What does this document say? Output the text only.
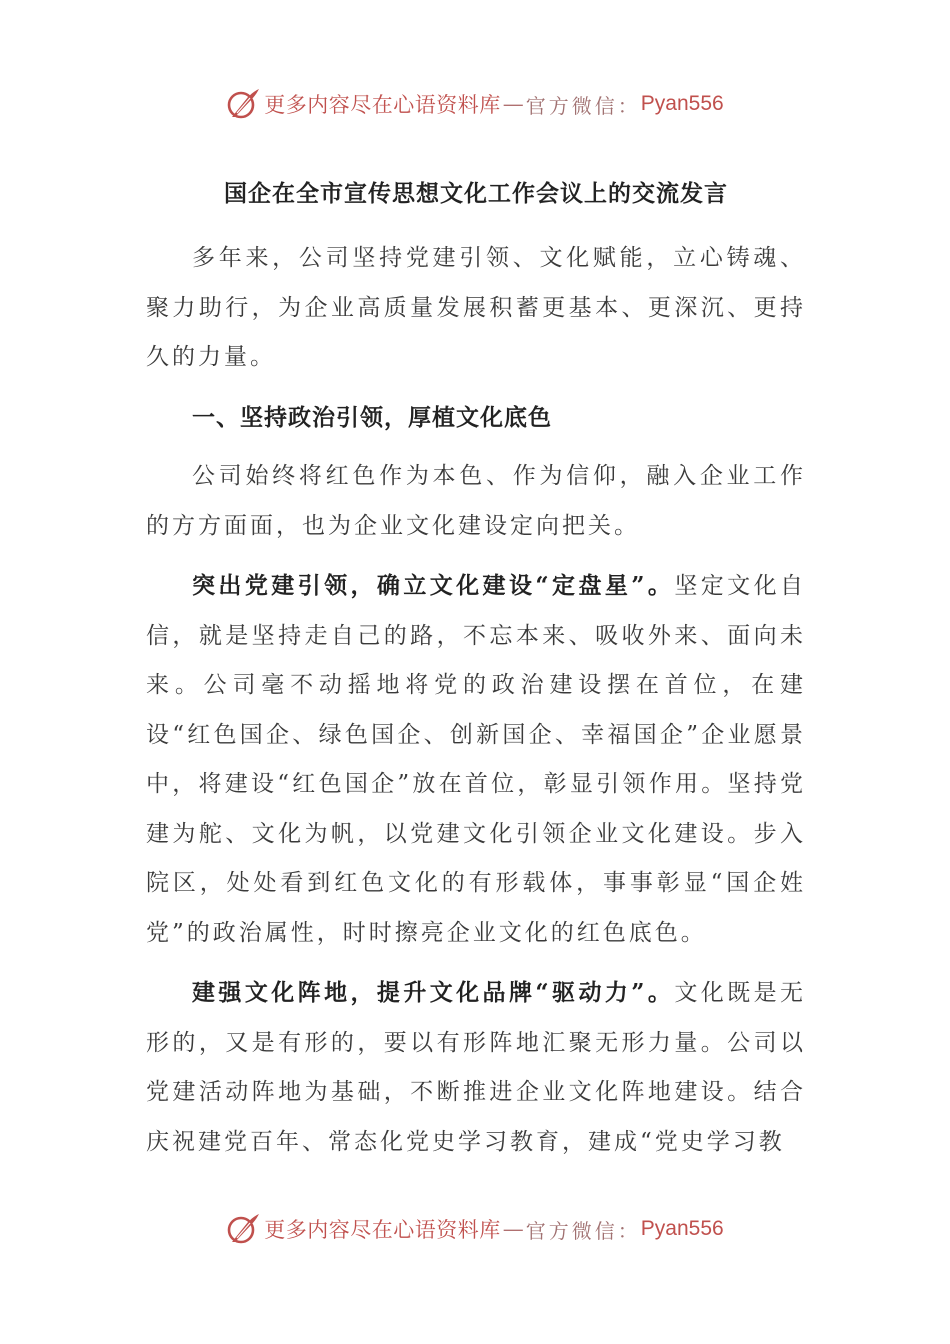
更多内容尽在心语资料库 — 官方微信： Pyan556
国企在全市宣传思想文化工作会议上的交流发言

多年来，公司坚持党建引领、文化赋能，立心铸魂、聚力助行，为企业高质量发展积蓄更基本、更深沉、更持久的力量。

一、坚持政治引领，厚植文化底色

公司始终将红色作为本色、作为信仰，融入企业工作的方方面面，也为企业文化建设定向把关。

突出党建引领，确立文化建设“定盘星”。坚定文化自信，就是坚持走自己的路，不忘本来、吸收外来、面向未来。公司毫不动摇地将党的政治建设摆在首位，在建设“红色国企、绿色国企、创新国企、幸福国企”企业愿景中，将建设“红色国企”放在首位，彰显引领作用。坚持党建为舵、文化为帆，以党建文化引领企业文化建设。步入院区，处处看到红色文化的有形载体，事事彰显“国企姓党”的政治属性，时时擦亮企业文化的红色底色。

建强文化阵地，提升文化品牌“驱动力”。文化既是无形的，又是有形的，要以有形阵地汇聚无形力量。公司以党建活动阵地为基础，不断推进企业文化阵地建设。结合庆祝建党百年、常态化党史学习教育，建成“党史学习教

更多内容尽在心语资料库 — 官方微信： Pyan556
